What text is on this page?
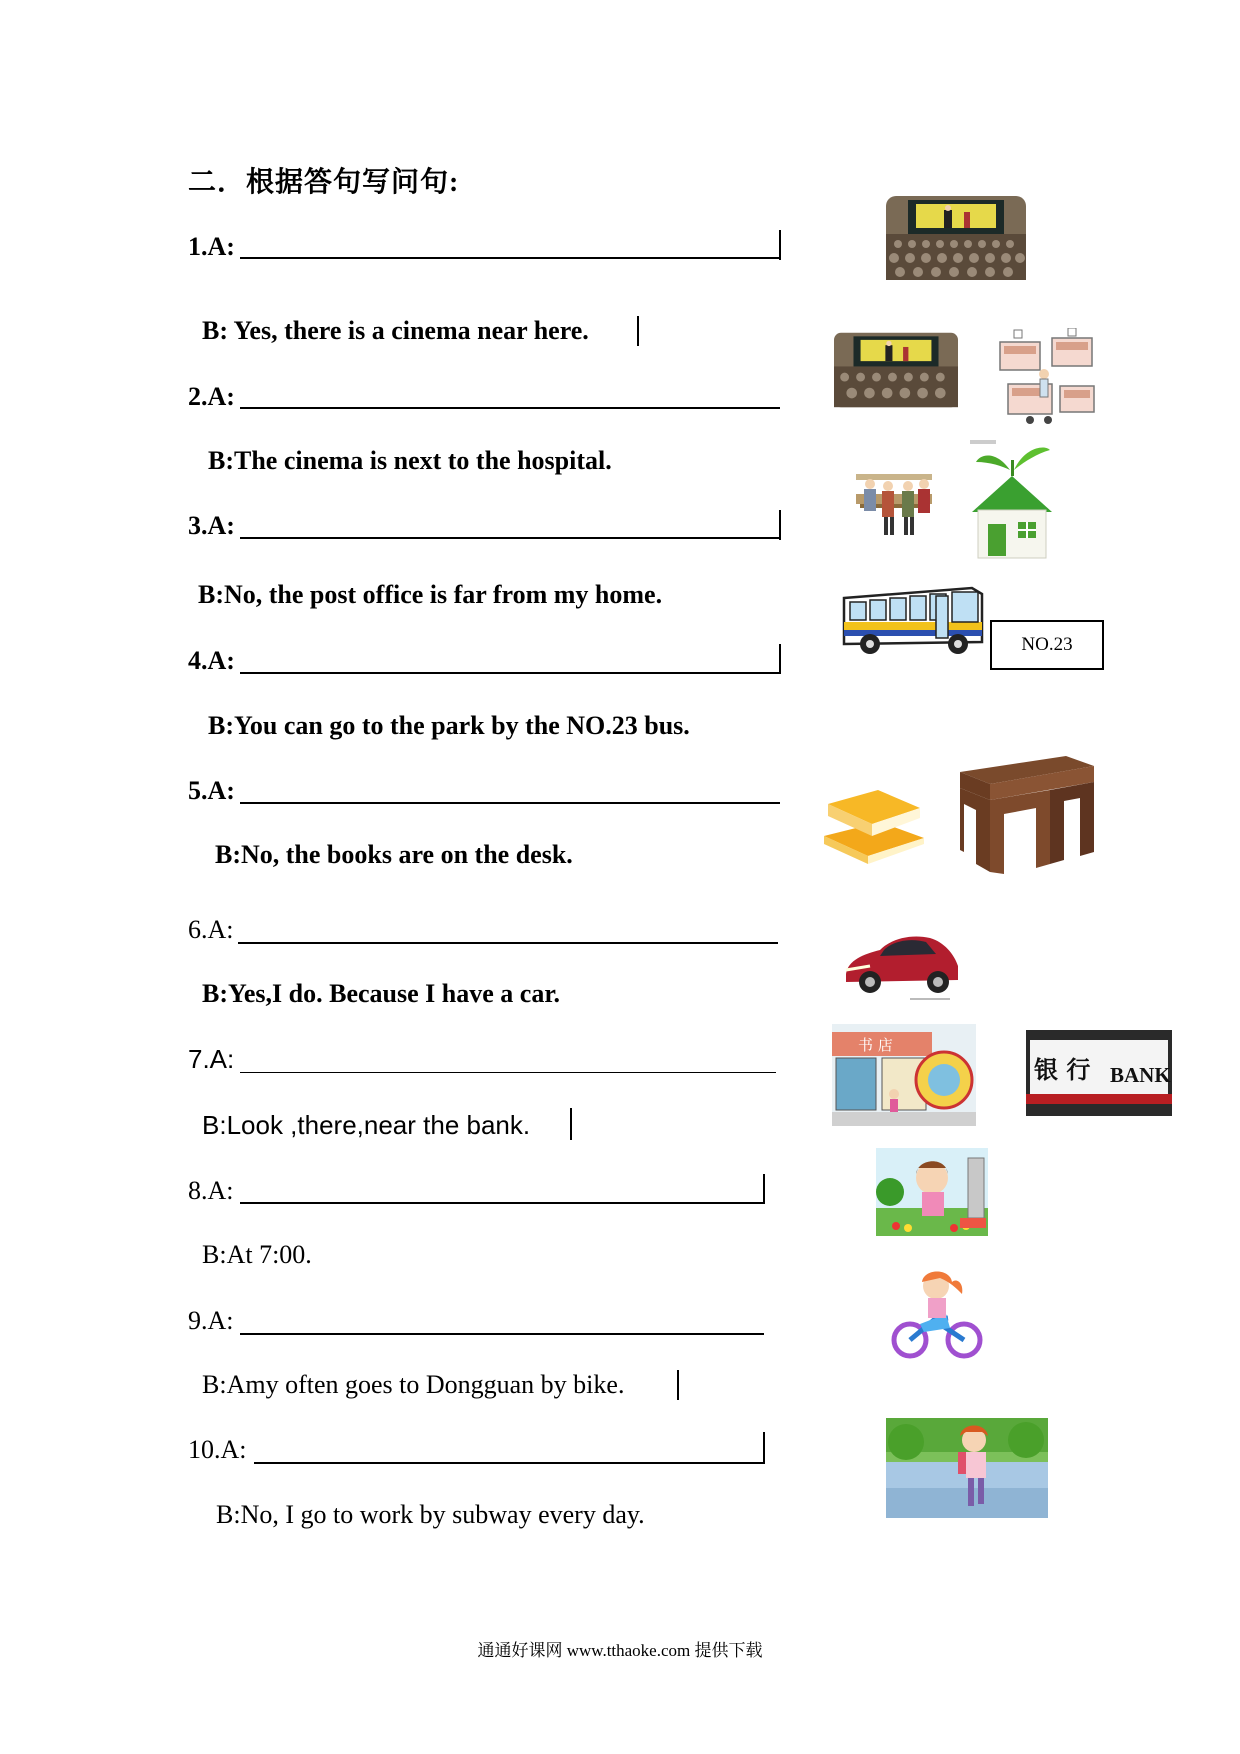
二．根据答句写问句:
1.A:
B: Yes, there is a cinema near here.
2.A:
B:The cinema is next to the hospital.
3.A:
B:No, the post office is far from my home.
4.A:
B:You can go to the park by the NO.23 bus.
5.A:
B:No, the books are on the desk.
6.A:
B:Yes,I do. Because I have a car.
7.A:
B:Look ,there,near the bank.
8.A:
B:At 7:00.
9.A:
B:Amy often goes to Dongguan by bike.
10.A:
B:No, I go to work by subway every day.
NO.23
书 店
银 行 BANK
通通好课网 www.tthaoke.com 提供下载
